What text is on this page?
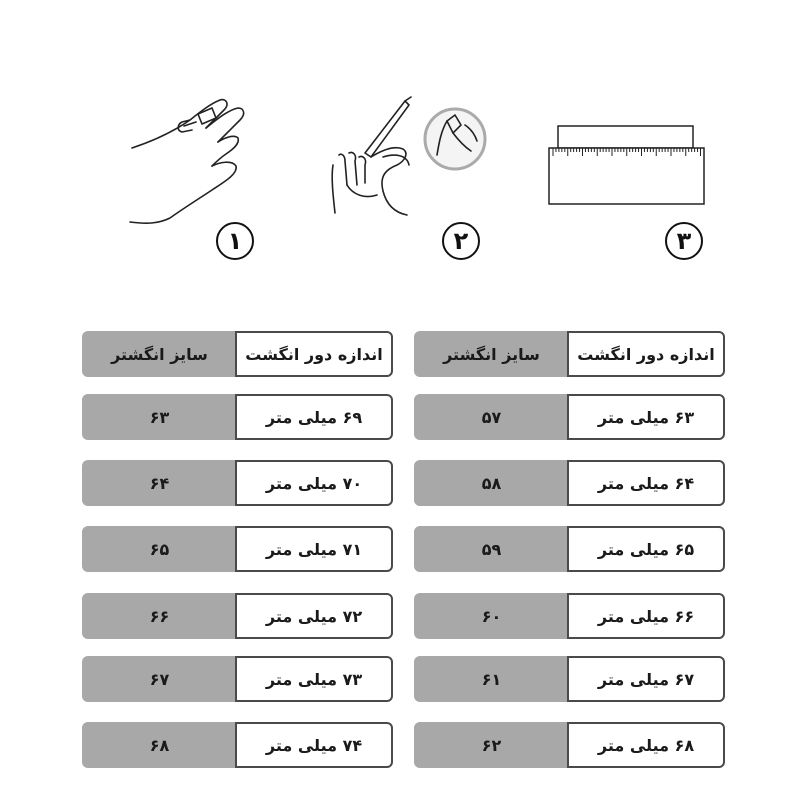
۱	۲	۳
سایز انگشتر	اندازه دور انگشت
۶۳	۶۹ میلی متر
۶۴	۷۰ میلی متر
۶۵	۷۱ میلی متر
۶۶	۷۲ میلی متر
۶۷	۷۳ میلی متر
۶۸	۷۴ میلی متر
سایز انگشتر	اندازه دور انگشت
۵۷	۶۳ میلی متر
۵۸	۶۴ میلی متر
۵۹	۶۵ میلی متر
۶۰	۶۶ میلی متر
۶۱	۶۷ میلی متر
۶۲	۶۸ میلی متر
